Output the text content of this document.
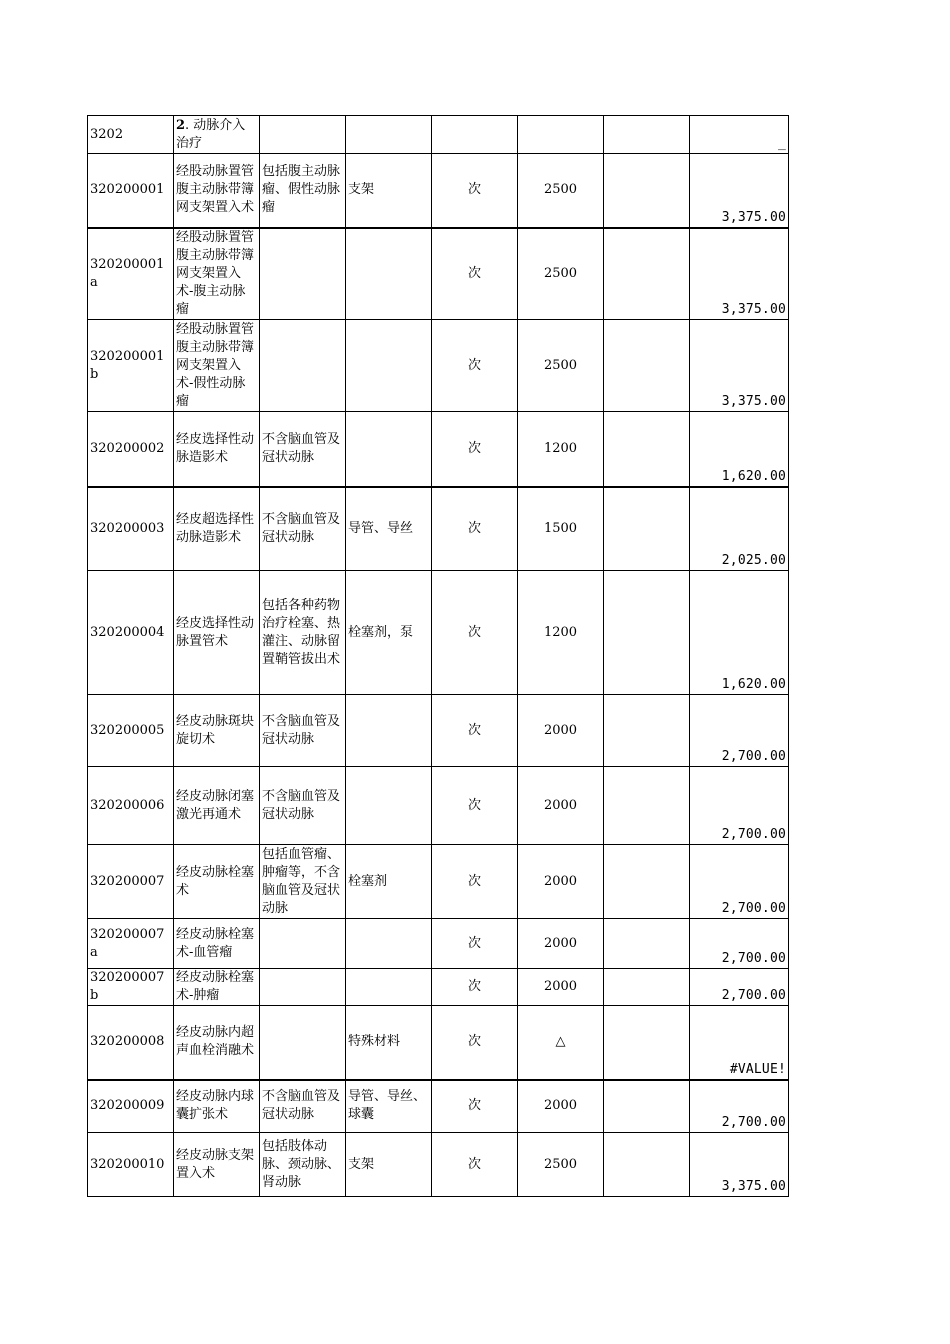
3202	2. 动脉介入治疗						_
320200001	经股动脉置管腹主动脉带簿网支架置入术	包括腹主动脉瘤、假性动脉瘤	支架	次	2500		3,375.00
320200001a	经股动脉置管腹主动脉带簿网支架置入术-腹主动脉瘤			次	2500		3,375.00
320200001b	经股动脉置管腹主动脉带簿网支架置入术-假性动脉瘤			次	2500		3,375.00
320200002	经皮选择性动脉造影术	不含脑血管及冠状动脉		次	1200		1,620.00
320200003	经皮超选择性动脉造影术	不含脑血管及冠状动脉	导管、导丝	次	1500		2,025.00
320200004	经皮选择性动脉置管术	包括各种药物治疗栓塞、热灌注、动脉留置鞘管拔出术	栓塞剂，泵	次	1200		1,620.00
320200005	经皮动脉斑块旋切术	不含脑血管及冠状动脉		次	2000		2,700.00
320200006	经皮动脉闭塞激光再通术	不含脑血管及冠状动脉		次	2000		2,700.00
320200007	经皮动脉栓塞术	包括血管瘤、肿瘤等，不含脑血管及冠状动脉	栓塞剂	次	2000		2,700.00
320200007a	经皮动脉栓塞术-血管瘤			次	2000		2,700.00
320200007b	经皮动脉栓塞术-肿瘤			次	2000		2,700.00
320200008	经皮动脉内超声血栓消融术		特殊材料	次	△		#VALUE!
320200009	经皮动脉内球囊扩张术	不含脑血管及冠状动脉	导管、导丝、球囊	次	2000		2,700.00
320200010	经皮动脉支架置入术	包括肢体动脉、颈动脉、肾动脉	支架	次	2500		3,375.00
